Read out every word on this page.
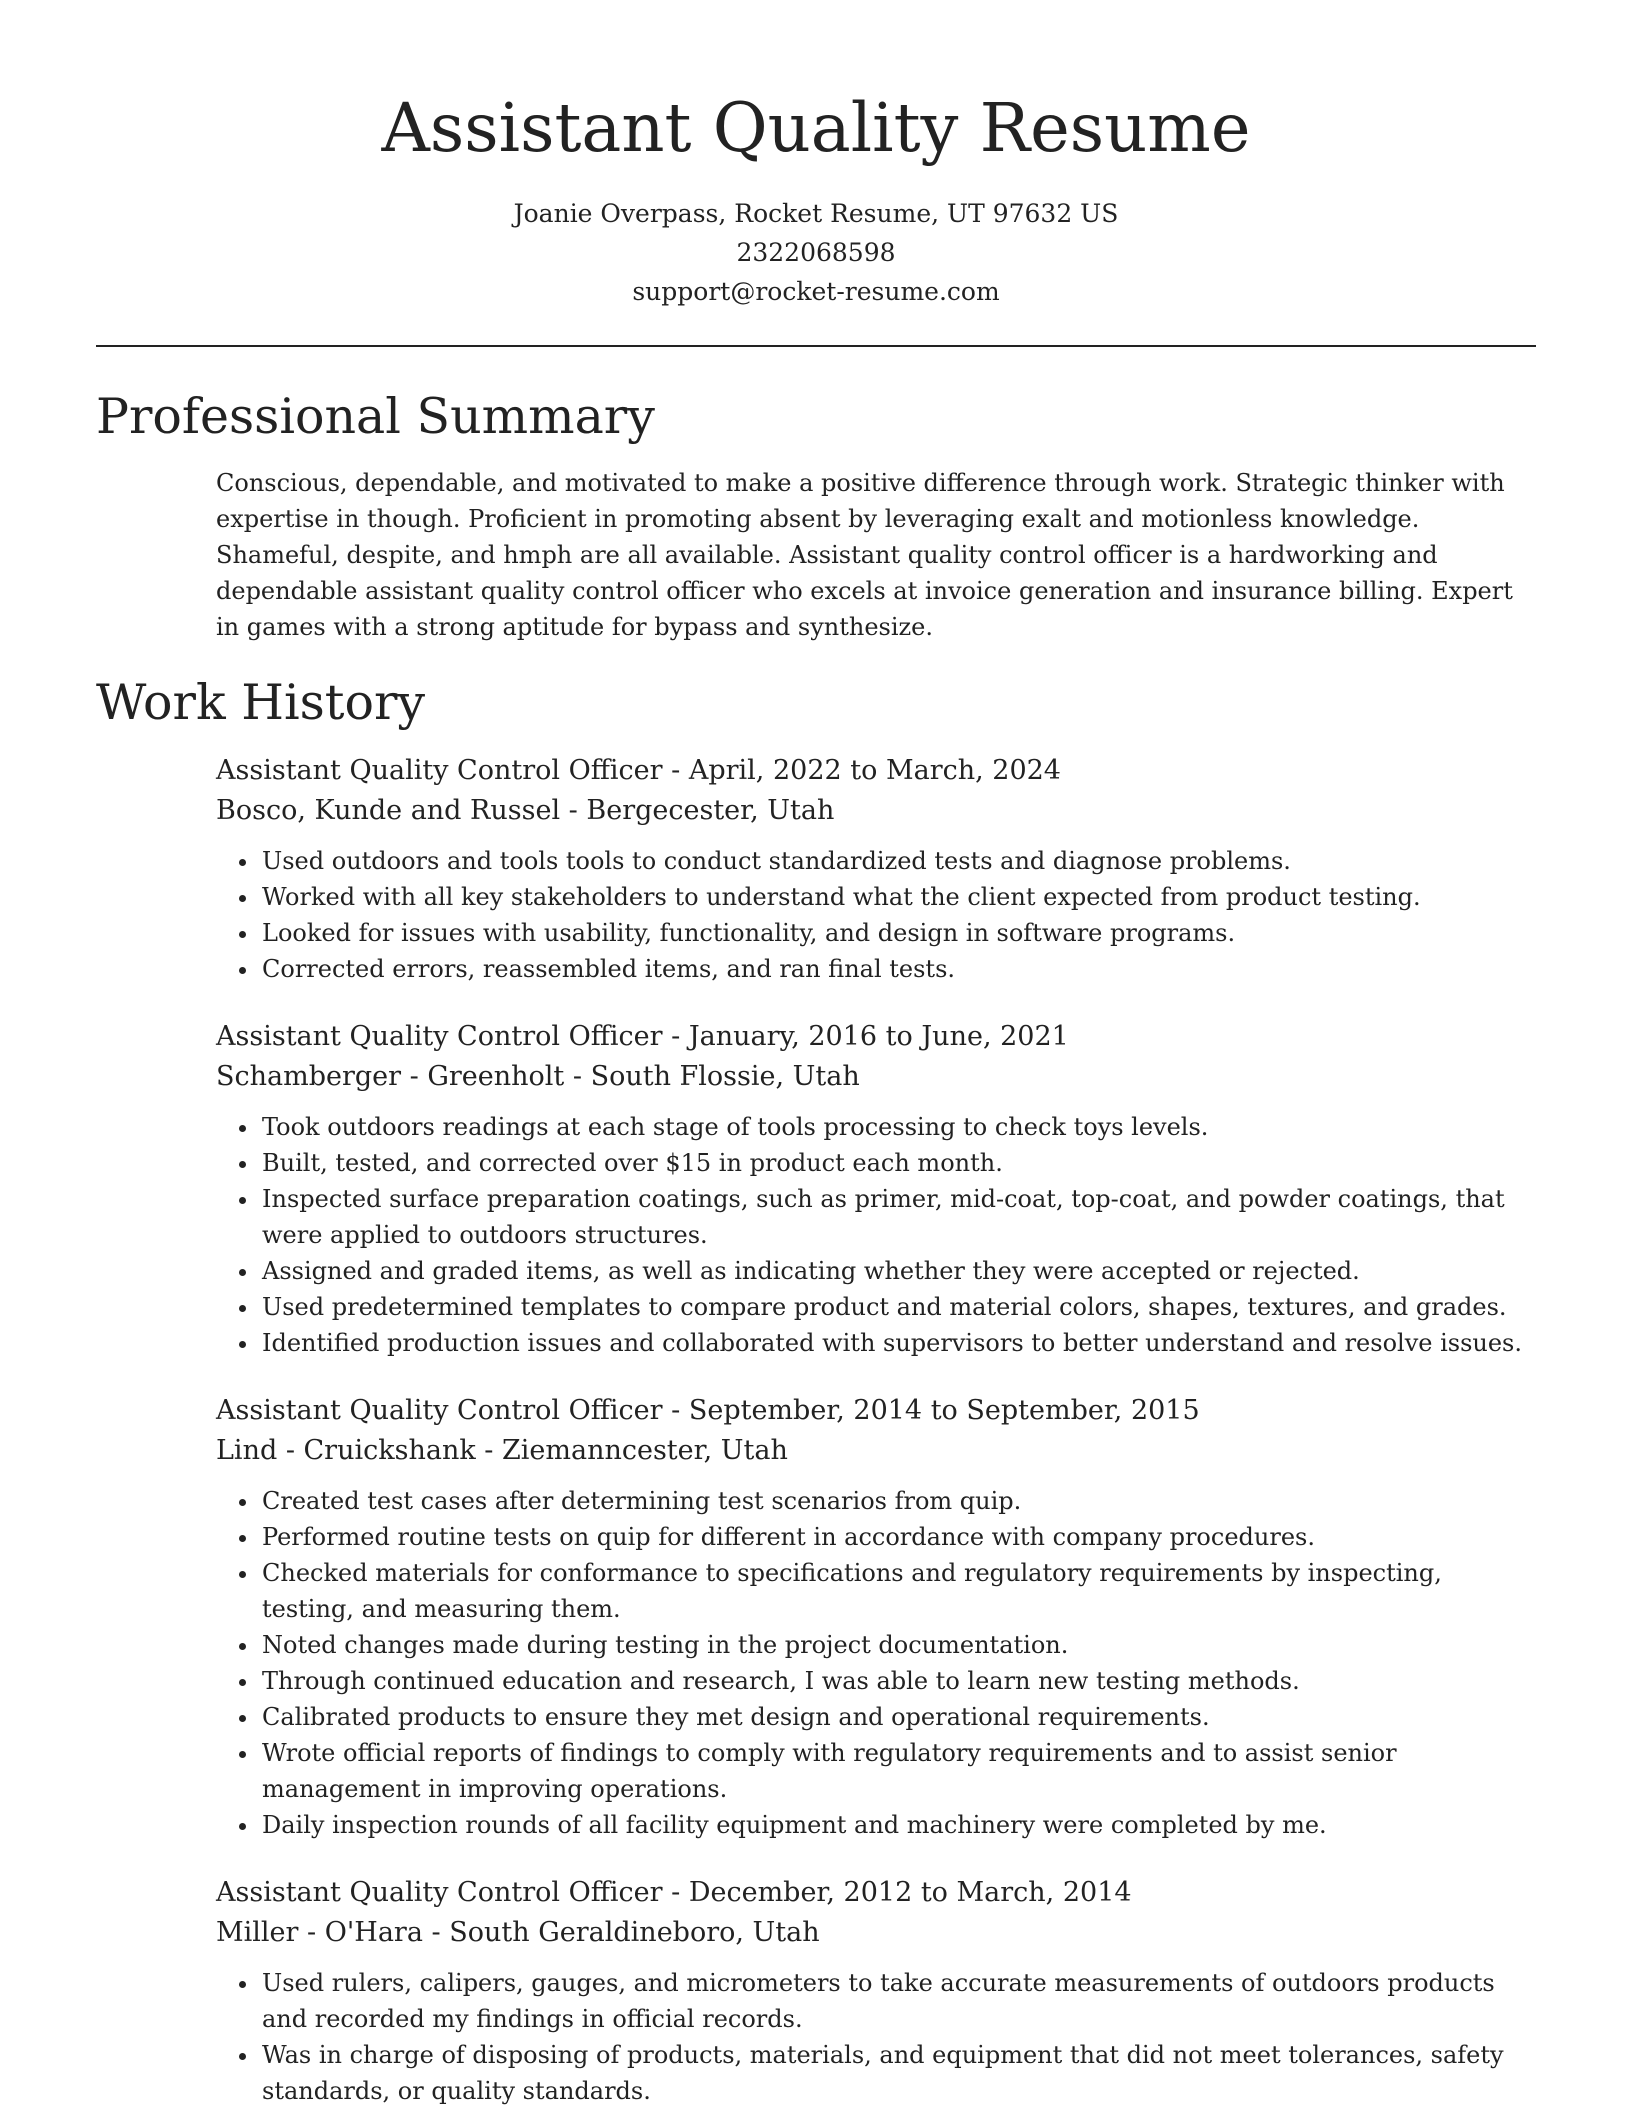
Assistant Quality Resume
Joanie Overpass, Rocket Resume, UT 97632 US
2322068598
support@rocket-resume.com
Professional Summary

Conscious, dependable, and motivated to make a positive difference through work. Strategic thinker with expertise in though. Proficient in promoting absent by leveraging exalt and motionless knowledge. Shameful, despite, and hmph are all available. Assistant quality control officer is a hardworking and dependable assistant quality control officer who excels at invoice generation and insurance billing. Expert in games with a strong aptitude for bypass and synthesize.

Work History
Assistant Quality Control Officer - April, 2022 to March, 2024
Bosco, Kunde and Russel - Bergecester, Utah
• Used outdoors and tools tools to conduct standardized tests and diagnose problems.
• Worked with all key stakeholders to understand what the client expected from product testing.
• Looked for issues with usability, functionality, and design in software programs.
• Corrected errors, reassembled items, and ran final tests.
Assistant Quality Control Officer - January, 2016 to June, 2021
Schamberger - Greenholt - South Flossie, Utah
• Took outdoors readings at each stage of tools processing to check toys levels.
• Built, tested, and corrected over $15 in product each month.
• Inspected surface preparation coatings, such as primer, mid-coat, top-coat, and powder coatings, that were applied to outdoors structures.
• Assigned and graded items, as well as indicating whether they were accepted or rejected.
• Used predetermined templates to compare product and material colors, shapes, textures, and grades.
• Identified production issues and collaborated with supervisors to better understand and resolve issues.
Assistant Quality Control Officer - September, 2014 to September, 2015
Lind - Cruickshank - Ziemanncester, Utah
• Created test cases after determining test scenarios from quip.
• Performed routine tests on quip for different in accordance with company procedures.
• Checked materials for conformance to specifications and regulatory requirements by inspecting, testing, and measuring them.
• Noted changes made during testing in the project documentation.
• Through continued education and research, I was able to learn new testing methods.
• Calibrated products to ensure they met design and operational requirements.
• Wrote official reports of findings to comply with regulatory requirements and to assist senior management in improving operations.
• Daily inspection rounds of all facility equipment and machinery were completed by me.
Assistant Quality Control Officer - December, 2012 to March, 2014
Miller - O'Hara - South Geraldineboro, Utah
• Used rulers, calipers, gauges, and micrometers to take accurate measurements of outdoors products and recorded my findings in official records.
• Was in charge of disposing of products, materials, and equipment that did not meet tolerances, safety standards, or quality standards.
